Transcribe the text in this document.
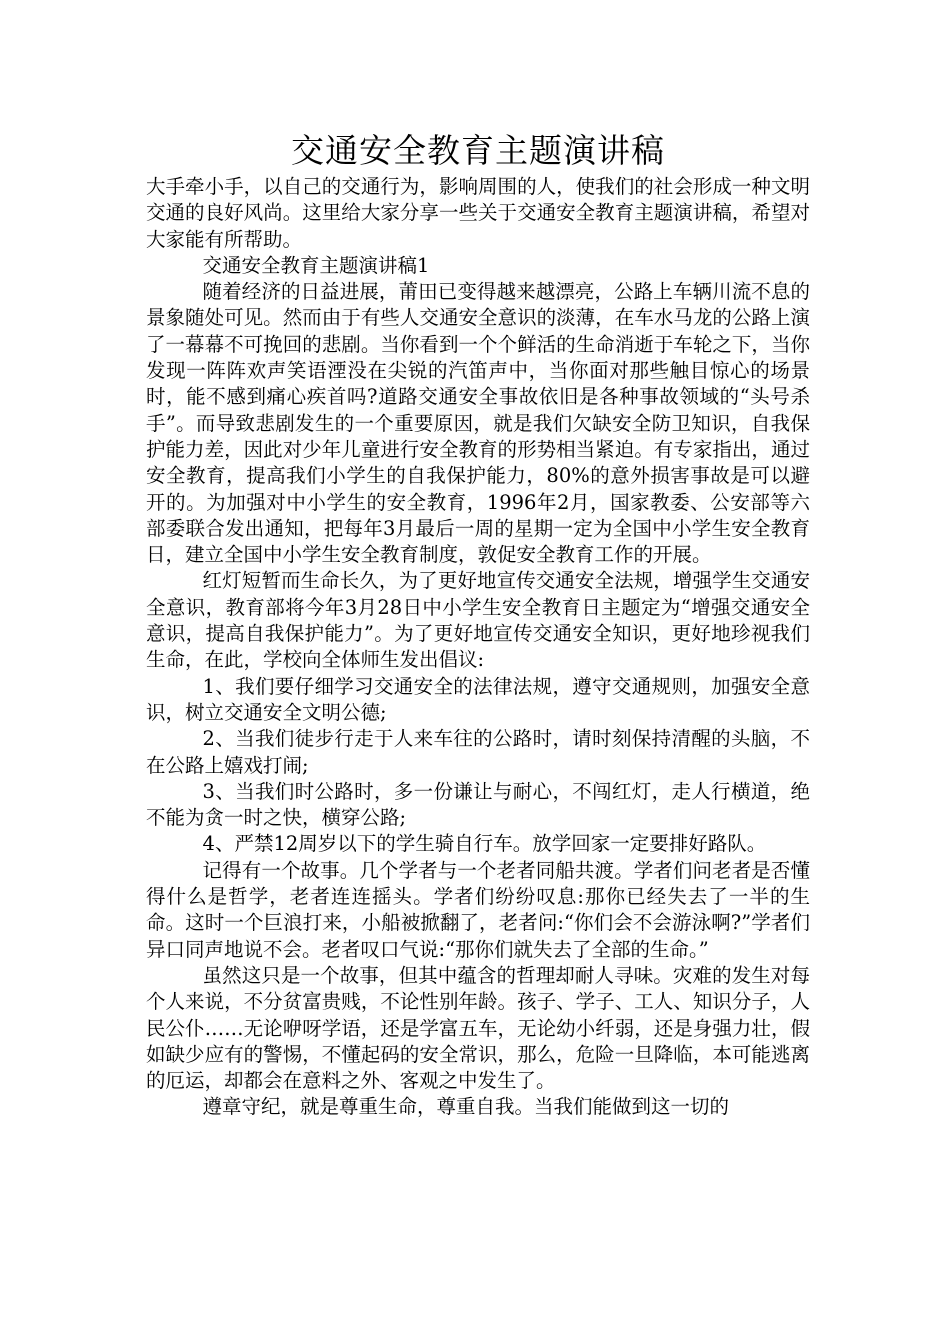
交通安全教育主题演讲稿

大手牵小手，以自己的交通行为，影响周围的人，使我们的社会形成一种文明交通的良好风尚。这里给大家分享一些关于交通安全教育主题演讲稿，希望对大家能有所帮助。

交通安全教育主题演讲稿1

随着经济的日益进展，莆田已变得越来越漂亮，公路上车辆川流不息的景象随处可见。然而由于有些人交通安全意识的淡薄，在车水马龙的公路上演了一幕幕不可挽回的悲剧。当你看到一个个鲜活的生命消逝于车轮之下，当你发现一阵阵欢声笑语湮没在尖锐的汽笛声中，当你面对那些触目惊心的场景时，能不感到痛心疾首吗?道路交通安全事故依旧是各种事故领域的“头号杀手”。而导致悲剧发生的一个重要原因，就是我们欠缺安全防卫知识，自我保护能力差，因此对少年儿童进行安全教育的形势相当紧迫。有专家指出，通过安全教育，提高我们小学生的自我保护能力，80%的意外损害事故是可以避开的。为加强对中小学生的安全教育，1996年2月，国家教委、公安部等六部委联合发出通知，把每年3月最后一周的星期一定为全国中小学生安全教育日，建立全国中小学生安全教育制度，敦促安全教育工作的开展。

红灯短暂而生命长久，为了更好地宣传交通安全法规，增强学生交通安全意识，教育部将今年3月28日中小学生安全教育日主题定为“增强交通安全意识，提高自我保护能力”。为了更好地宣传交通安全知识，更好地珍视我们生命，在此，学校向全体师生发出倡议:

1、我们要仔细学习交通安全的法律法规，遵守交通规则，加强安全意识，树立交通安全文明公德;

2、当我们徒步行走于人来车往的公路时，请时刻保持清醒的头脑，不在公路上嬉戏打闹;

3、当我们时公路时，多一份谦让与耐心，不闯红灯，走人行横道，绝不能为贪一时之快，横穿公路;

4、严禁12周岁以下的学生骑自行车。放学回家一定要排好路队。

记得有一个故事。几个学者与一个老者同船共渡。学者们问老者是否懂得什么是哲学，老者连连摇头。学者们纷纷叹息:那你已经失去了一半的生命。这时一个巨浪打来，小船被掀翻了，老者问:“你们会不会游泳啊?”学者们异口同声地说不会。老者叹口气说:“那你们就失去了全部的生命。”

虽然这只是一个故事，但其中蕴含的哲理却耐人寻味。灾难的发生对每个人来说，不分贫富贵贱，不论性别年龄。孩子、学子、工人、知识分子，人民公仆……无论咿呀学语，还是学富五车，无论幼小纤弱，还是身强力壮，假如缺少应有的警惕，不懂起码的安全常识，那么，危险一旦降临，本可能逃离的厄运，却都会在意料之外、客观之中发生了。

遵章守纪，就是尊重生命，尊重自我。当我们能做到这一切的
